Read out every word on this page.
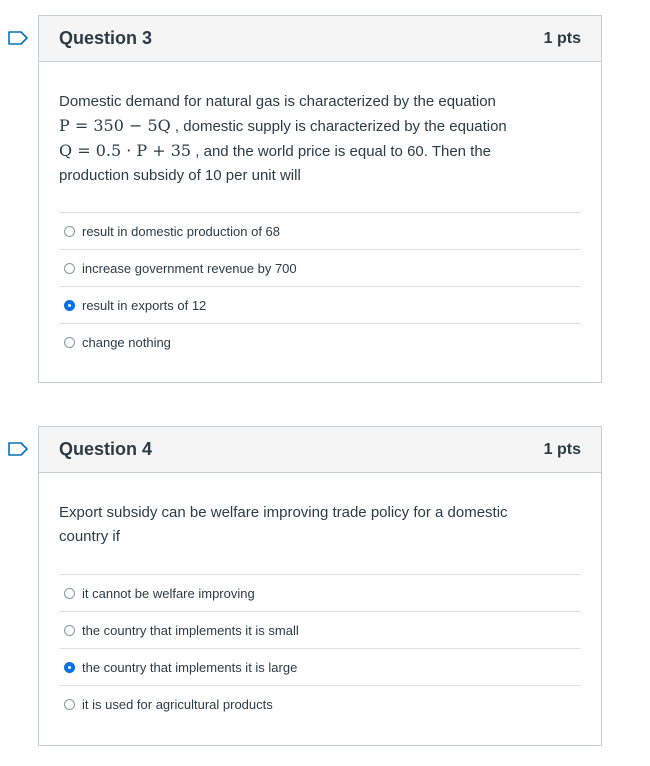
Question 3	1 pts
Domestic demand for natural gas is characterized by the equation
P = 350 − 5Q , domestic supply is characterized by the equation
Q = 0.5 · P + 35 , and the world price is equal to 60. Then the
production subsidy of 10 per unit will
result in domestic production of 68
increase government revenue by 700
result in exports of 12
change nothing
Question 4	1 pts
Export subsidy can be welfare improving trade policy for a domestic
country if
it cannot be welfare improving
the country that implements it is small
the country that implements it is large
it is used for agricultural products
